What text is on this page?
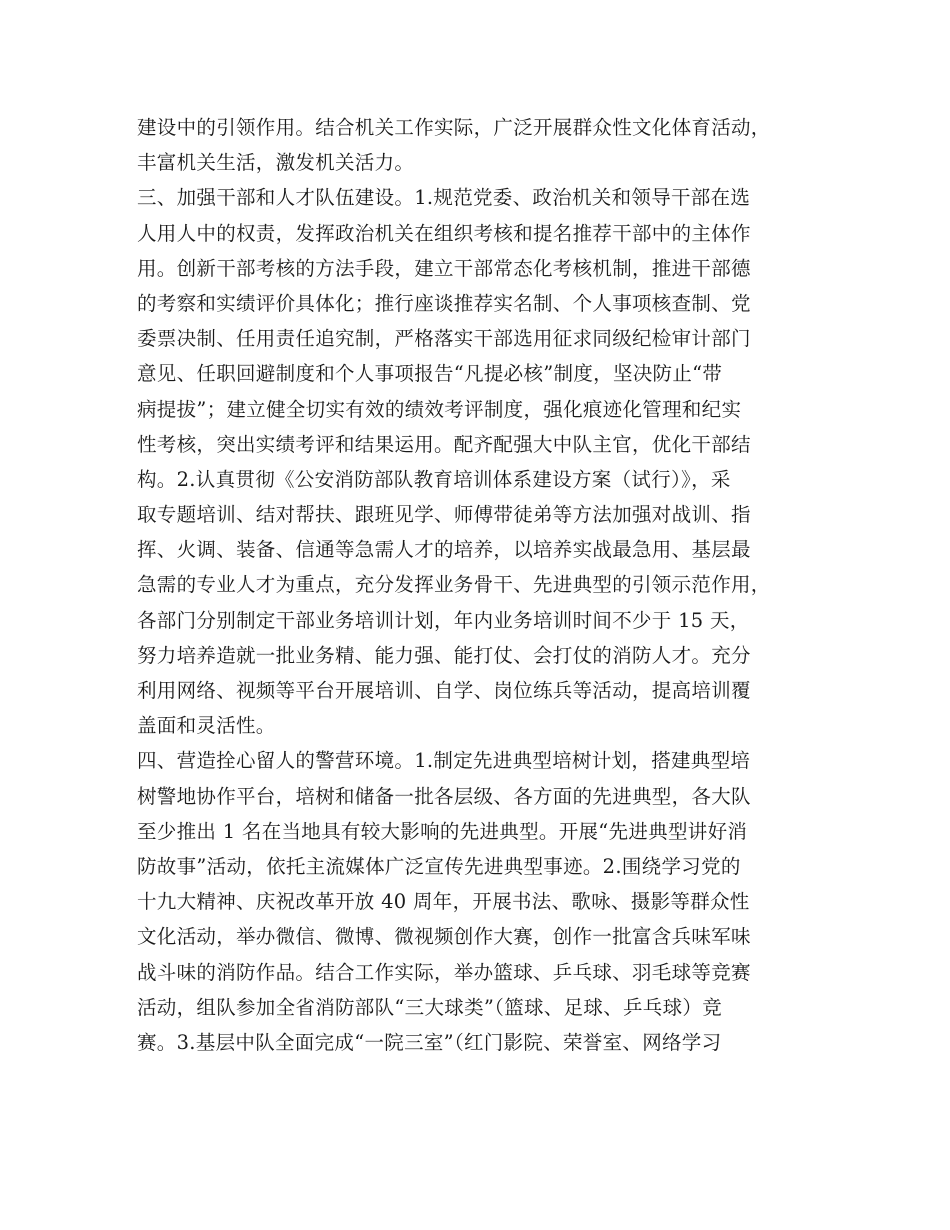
建设中的引领作用。结合机关工作实际，广泛开展群众性文化体育活动，
丰富机关生活，激发机关活力。
三、加强干部和人才队伍建设。1.规范党委、政治机关和领导干部在选
人用人中的权责，发挥政治机关在组织考核和提名推荐干部中的主体作
用。创新干部考核的方法手段，建立干部常态化考核机制，推进干部德
的考察和实绩评价具体化；推行座谈推荐实名制、个人事项核查制、党
委票决制、任用责任追究制，严格落实干部选用征求同级纪检审计部门
意见、任职回避制度和个人事项报告“凡提必核”制度，坚决防止“带
病提拔”；建立健全切实有效的绩效考评制度，强化痕迹化管理和纪实
性考核，突出实绩考评和结果运用。配齐配强大中队主官，优化干部结
构。2.认真贯彻《公安消防部队教育培训体系建设方案（试行）》，采
取专题培训、结对帮扶、跟班见学、师傅带徒弟等方法加强对战训、指
挥、火调、装备、信通等急需人才的培养，以培养实战最急用、基层最
急需的专业人才为重点，充分发挥业务骨干、先进典型的引领示范作用，
各部门分别制定干部业务培训计划，年内业务培训时间不少于 15 天，
努力培养造就一批业务精、能力强、能打仗、会打仗的消防人才。充分
利用网络、视频等平台开展培训、自学、岗位练兵等活动，提高培训覆
盖面和灵活性。
四、营造拴心留人的警营环境。1.制定先进典型培树计划，搭建典型培
树警地协作平台，培树和储备一批各层级、各方面的先进典型，各大队
至少推出 1 名在当地具有较大影响的先进典型。开展“先进典型讲好消
防故事”活动，依托主流媒体广泛宣传先进典型事迹。2.围绕学习党的
十九大精神、庆祝改革开放 40 周年，开展书法、歌咏、摄影等群众性
文化活动，举办微信、微博、微视频创作大赛，创作一批富含兵味军味
战斗味的消防作品。结合工作实际，举办篮球、乒乓球、羽毛球等竞赛
活动，组队参加全省消防部队“三大球类”（篮球、足球、乒乓球）竞
赛。3.基层中队全面完成“一院三室”（红门影院、荣誉室、网络学习
